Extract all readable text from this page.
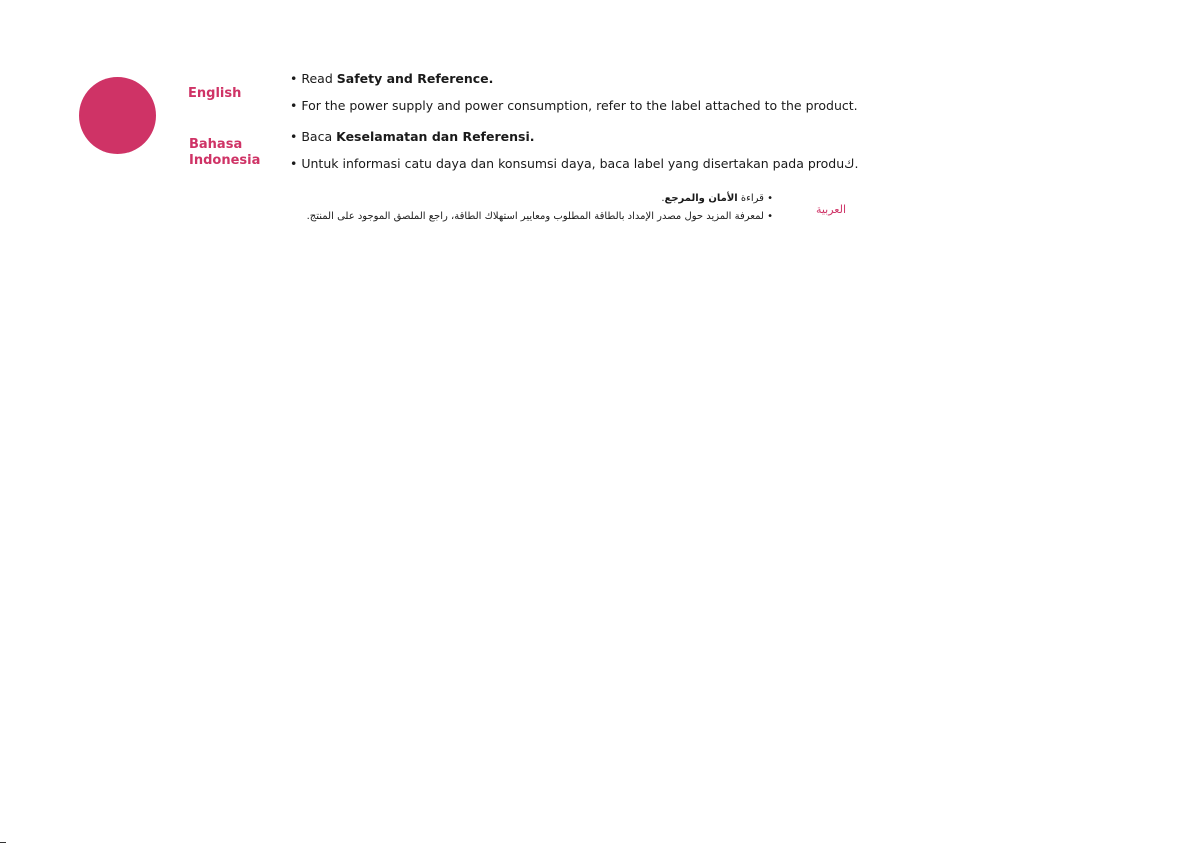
English
Bahasa Indonesia
العربية
• Read Safety and Reference.
• For the power supply and power consumption, refer to the label attached to the product.
• Baca Keselamatan dan Referensi.
• Untuk informasi catu daya dan konsumsi daya, baca label yang disertakan pada produك.
• قراءة الأمان والمرجع.
• لمعرفة المزيد حول مصدر الإمداد بالطاقة المطلوب ومعايير استهلاك الطاقة، راجع الملصق الموجود على المنتج.
